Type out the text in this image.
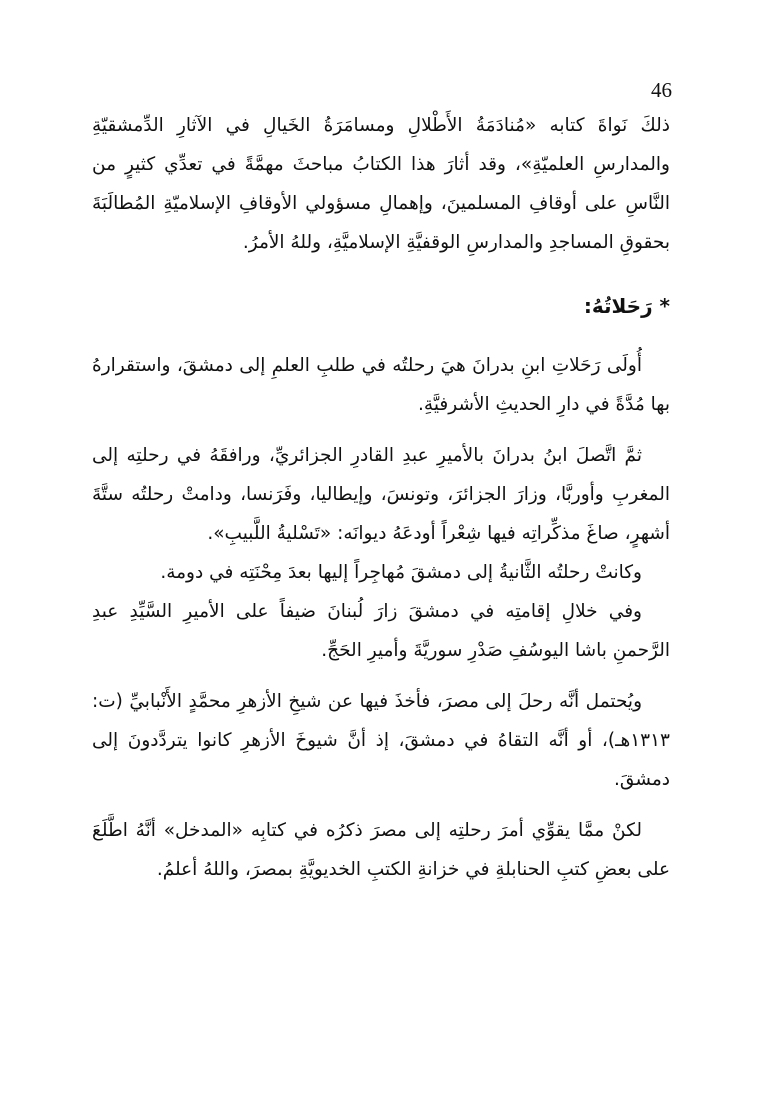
46

ذلكَ نَواةَ كتابه «مُنادَمَةُ الأَطْلالِ ومسامَرَةُ الخَيالِ في الآثارِ الدِّمشقيّةِ والمدارسِ العلميّةِ»، وقد أثارَ هذا الكتابُ مباحثَ مهمَّةً في تعدِّي كثيرٍ من النَّاسِ على أوقافِ المسلمينَ، وإهمالِ مسؤولي الأوقافِ الإسلاميّةِ المُطالَبَةَ بحقوقِ المساجدِ والمدارسِ الوقفيَّةِ الإسلاميَّةِ، وللهُ الأمرُ.

* رَحَلاتُهُ:

أُولَى رَحَلاتِ ابنِ بدرانَ هيَ رحلتُه في طلبِ العلمِ إلى دمشقَ، واستقرارهُ بها مُدَّةً في دارِ الحديثِ الأشرفيَّةِ.

ثمَّ اتَّصلَ ابنُ بدرانَ بالأميرِ عبدِ القادرِ الجزائريِّ، ورافقَهُ في رحلتِه إلى المغربِ وأوربَّا، وزارَ الجزائرَ، وتونسَ، وإيطاليا، وفَرَنسا، ودامتْ رحلتُه ستَّةَ أشهرٍ، صاغَ مذكِّراتِه فيها شِعْراً أودعَهُ ديوانَه: «تَسْليةُ اللَّبيبِ».

وكانتْ رحلتُه الثَّانيةُ إلى دمشقَ مُهاجِراً إليها بعدَ مِحْنَتِه في دومة.

وفي خلالِ إقامتِه في دمشقَ زارَ لُبنانَ ضيفاً على الأميرِ السَّيِّدِ عبدِ الرَّحمنِ باشا اليوسُفِ صَدْرِ سوريَّةَ وأميرِ الحَجِّ.

ويُحتمل أنَّه رحلَ إلى مصرَ، فأخذَ فيها عن شيخِ الأزهرِ محمَّدٍ الأَنْبابيِّ (ت: ١٣١٣هـ)، أو أنَّه التقاهُ في دمشقَ، إذ أنَّ شيوخَ الأزهرِ كانوا يتردَّدونَ إلى دمشقَ.

لكنْ ممَّا يقوِّي أمرَ رحلتِه إلى مصرَ ذكرُه في كتابِه «المدخل» أنَّهُ اطَّلَعَ على بعضِ كتبِ الحنابلةِ في خزانةِ الكتبِ الخديويَّةِ بمصرَ، واللهُ أعلمُ.
